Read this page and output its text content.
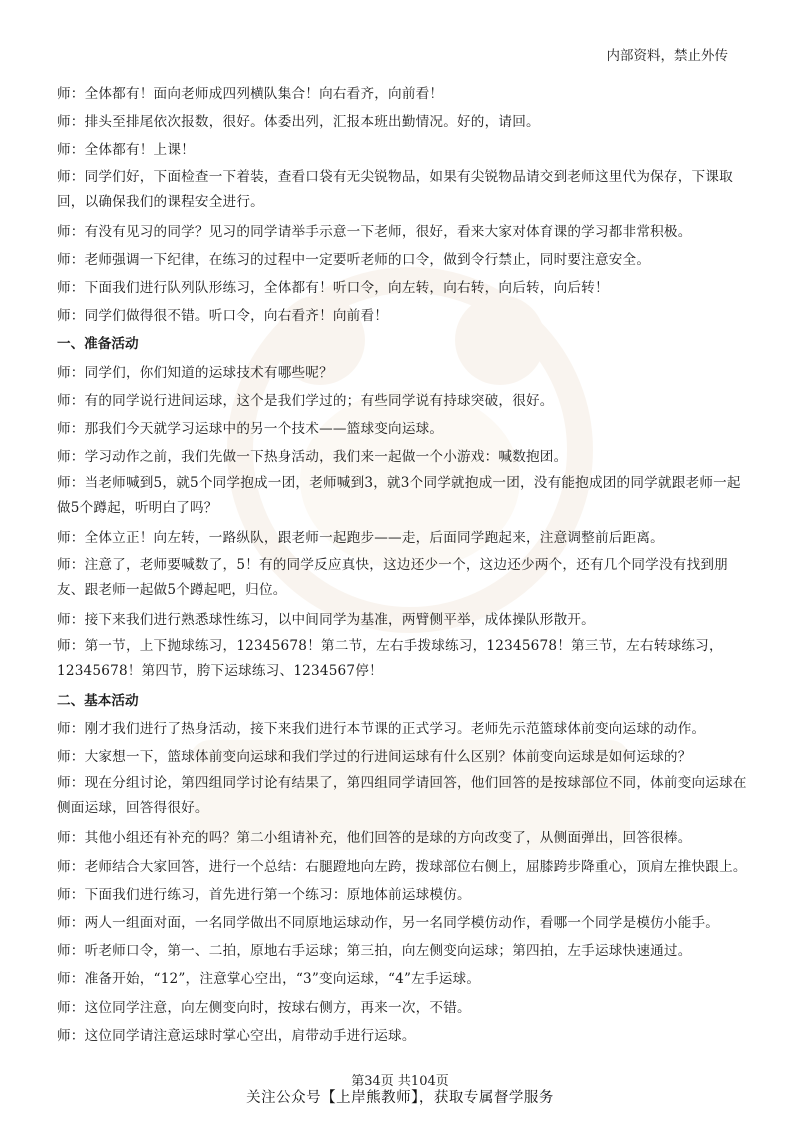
内部资料，禁止外传
师：全体都有！面向老师成四列横队集合！向右看齐，向前看！
师：排头至排尾依次报数，很好。体委出列，汇报本班出勤情况。好的，请回。
师：全体都有！上课！
师：同学们好，下面检查一下着装，查看口袋有无尖锐物品，如果有尖锐物品请交到老师这里代为保存，下课取回，以确保我们的课程安全进行。
师：有没有见习的同学？见习的同学请举手示意一下老师，很好，看来大家对体育课的学习都非常积极。
师：老师强调一下纪律，在练习的过程中一定要听老师的口令，做到令行禁止，同时要注意安全。
师：下面我们进行队列队形练习，全体都有！听口令，向左转，向右转，向后转，向后转！
师：同学们做得很不错。听口令，向右看齐！向前看！
一、准备活动
师：同学们，你们知道的运球技术有哪些呢？
师：有的同学说行进间运球，这个是我们学过的；有些同学说有持球突破，很好。
师：那我们今天就学习运球中的另一个技术——篮球变向运球。
师：学习动作之前，我们先做一下热身活动，我们来一起做一个小游戏：喊数抱团。
师：当老师喊到5，就5个同学抱成一团，老师喊到3，就3个同学就抱成一团，没有能抱成团的同学就跟老师一起做5个蹲起，听明白了吗？
师：全体立正！向左转，一路纵队，跟老师一起跑步——走，后面同学跑起来，注意调整前后距离。
师：注意了，老师要喊数了，5！有的同学反应真快，这边还少一个，这边还少两个，还有几个同学没有找到朋友、跟老师一起做5个蹲起吧，归位。
师：接下来我们进行熟悉球性练习，以中间同学为基准，两臂侧平举，成体操队形散开。
师：第一节，上下抛球练习，12345678！第二节，左右手拨球练习，12345678！第三节，左右转球练习，12345678！第四节，胯下运球练习、1234567停！
二、基本活动
师：刚才我们进行了热身活动，接下来我们进行本节课的正式学习。老师先示范篮球体前变向运球的动作。
师：大家想一下，篮球体前变向运球和我们学过的行进间运球有什么区别？体前变向运球是如何运球的？
师：现在分组讨论，第四组同学讨论有结果了，第四组同学请回答，他们回答的是按球部位不同，体前变向运球在侧面运球，回答得很好。
师：其他小组还有补充的吗？第二小组请补充，他们回答的是球的方向改变了，从侧面弹出，回答很棒。
师：老师结合大家回答，进行一个总结：右腿蹬地向左跨，拨球部位右侧上，屈膝跨步降重心，顶肩左推快跟上。
师：下面我们进行练习，首先进行第一个练习：原地体前运球模仿。
师：两人一组面对面，一名同学做出不同原地运球动作，另一名同学模仿动作，看哪一个同学是模仿小能手。
师：听老师口令，第一、二拍，原地右手运球；第三拍，向左侧变向运球；第四拍，左手运球快速通过。
师：准备开始，“12”，注意掌心空出，“3”变向运球，“4”左手运球。
师：这位同学注意，向左侧变向时，按球右侧方，再来一次，不错。
师：这位同学请注意运球时掌心空出，肩带动手进行运球。
第34页 共104页
关注公众号【上岸熊教师】，获取专属督学服务
